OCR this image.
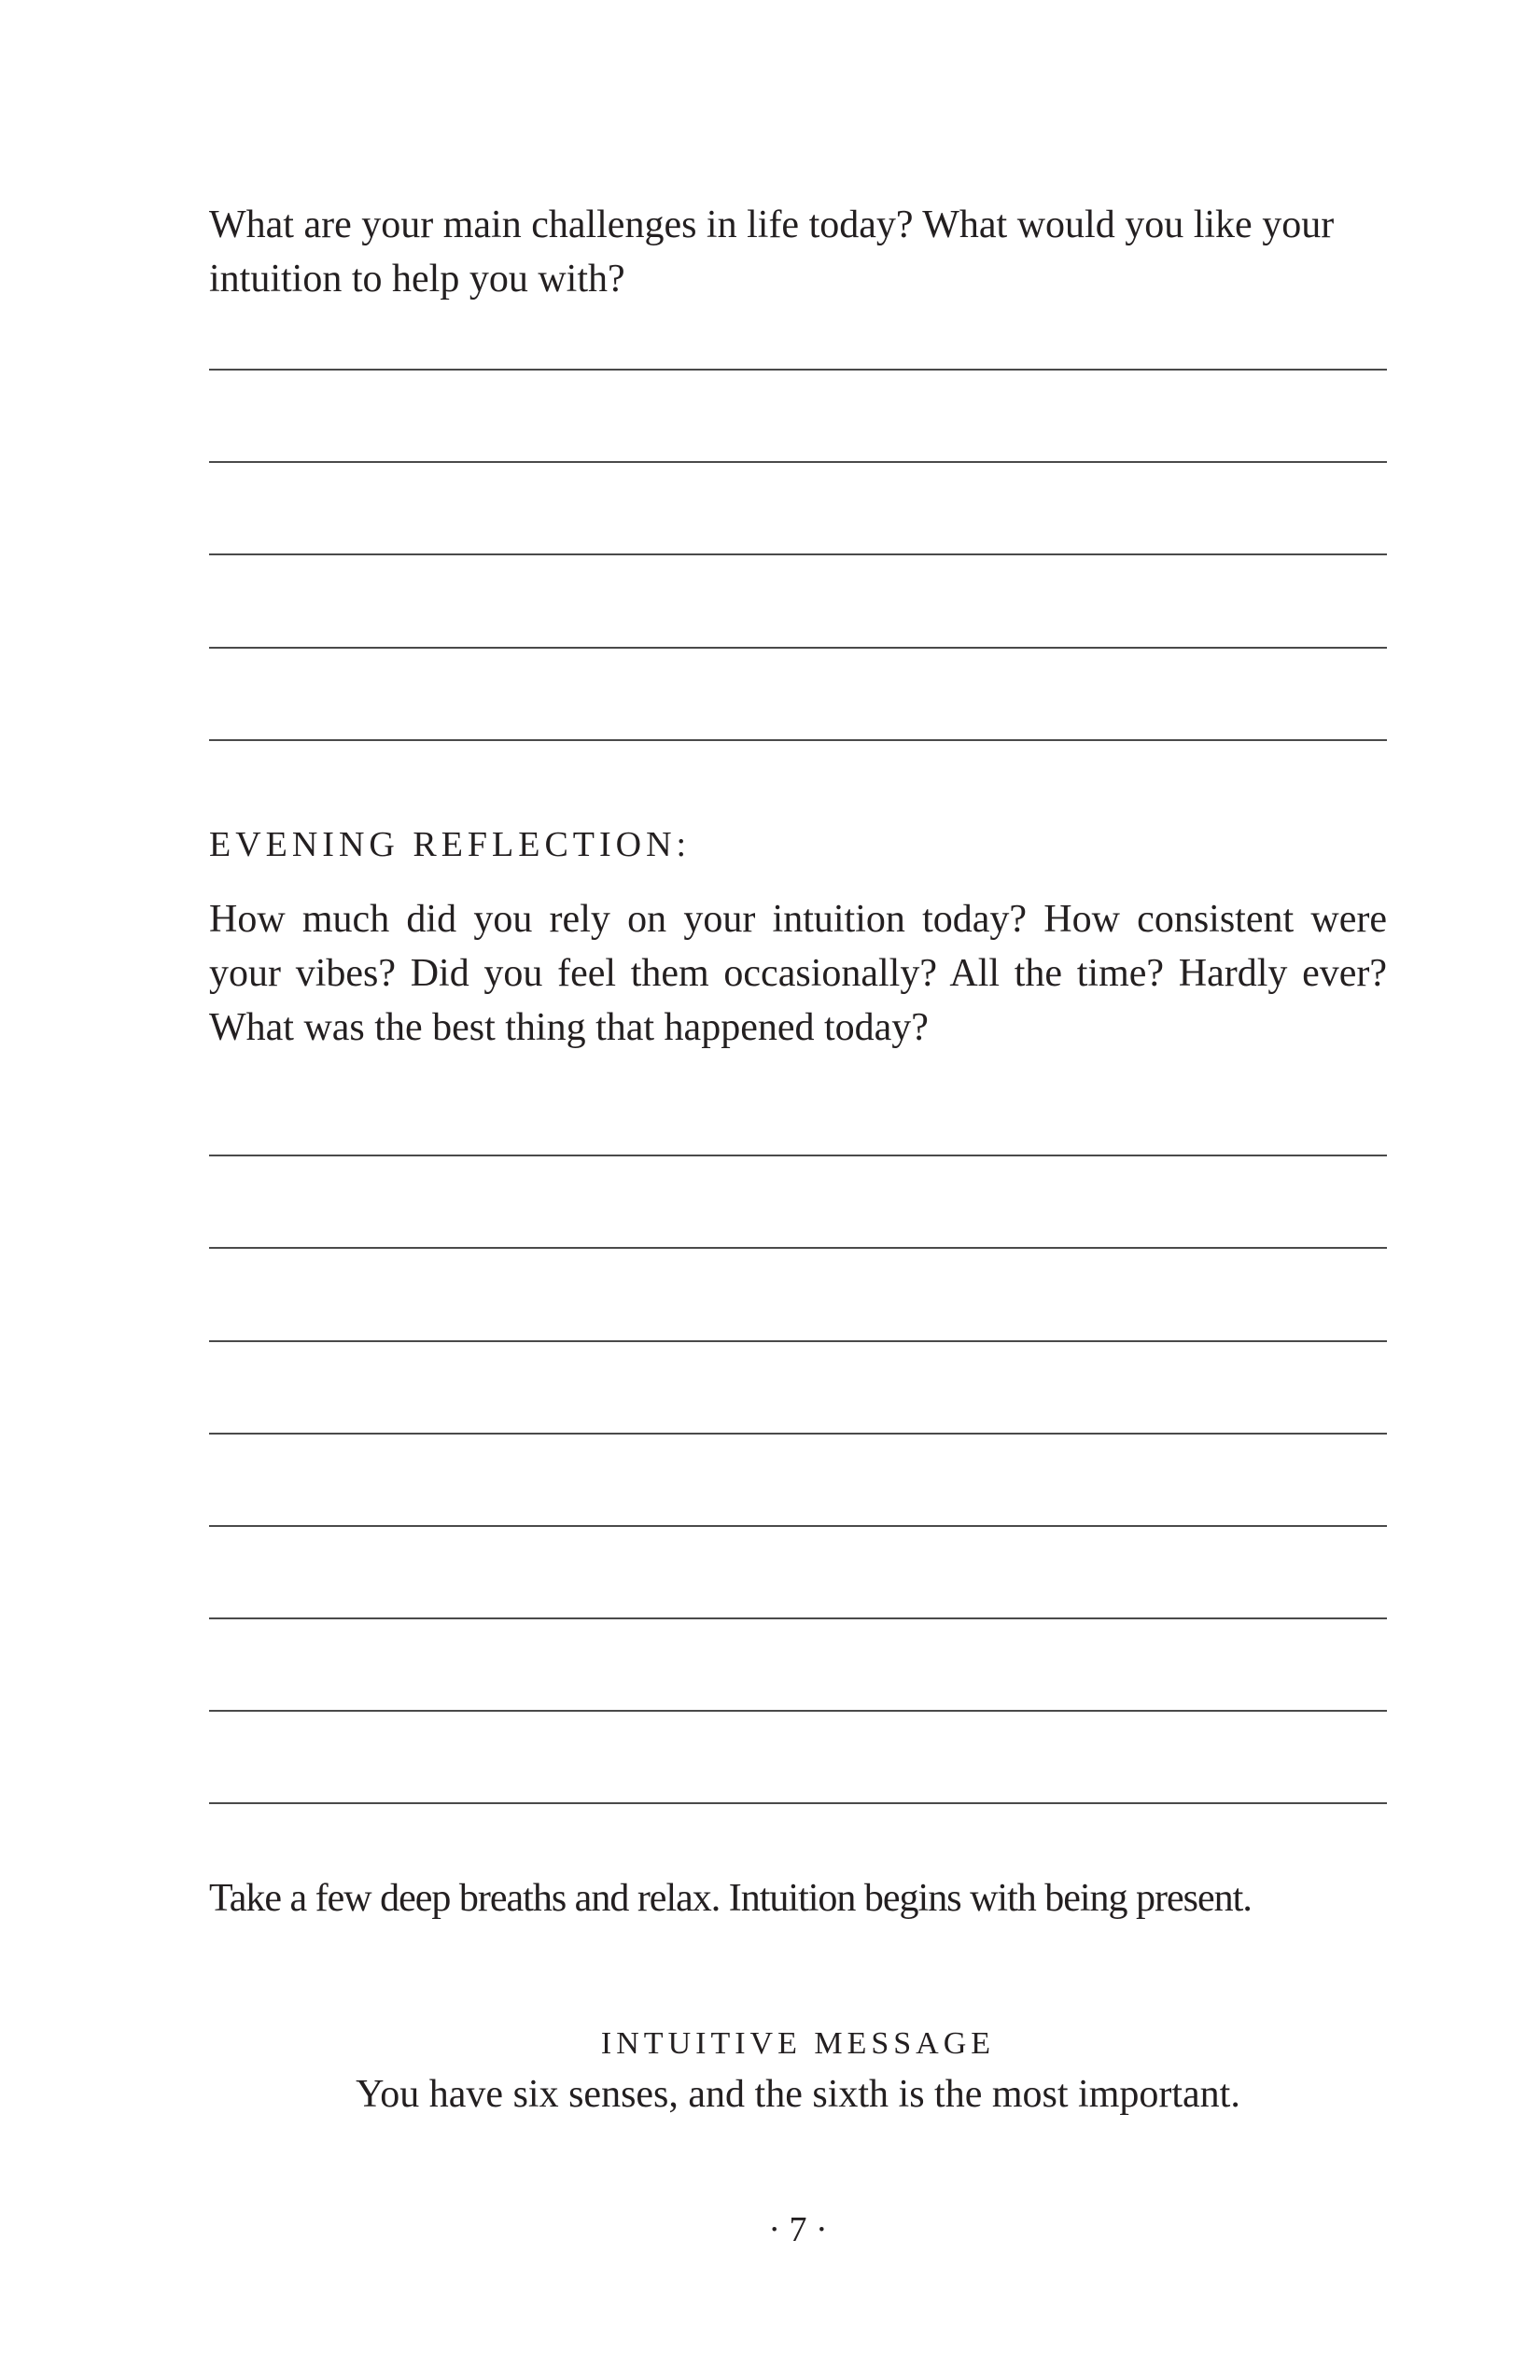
What are your main challenges in life today? What would you like your intuition to help you with?

EVENING REFLECTION:

How much did you rely on your intuition today? How consistent were your vibes? Did you feel them occasionally? All the time? Hardly ever? What was the best thing that happened today?

Take a few deep breaths and relax. Intuition begins with being present.

INTUITIVE MESSAGE

You have six senses, and the sixth is the most important.

· 7 ·
